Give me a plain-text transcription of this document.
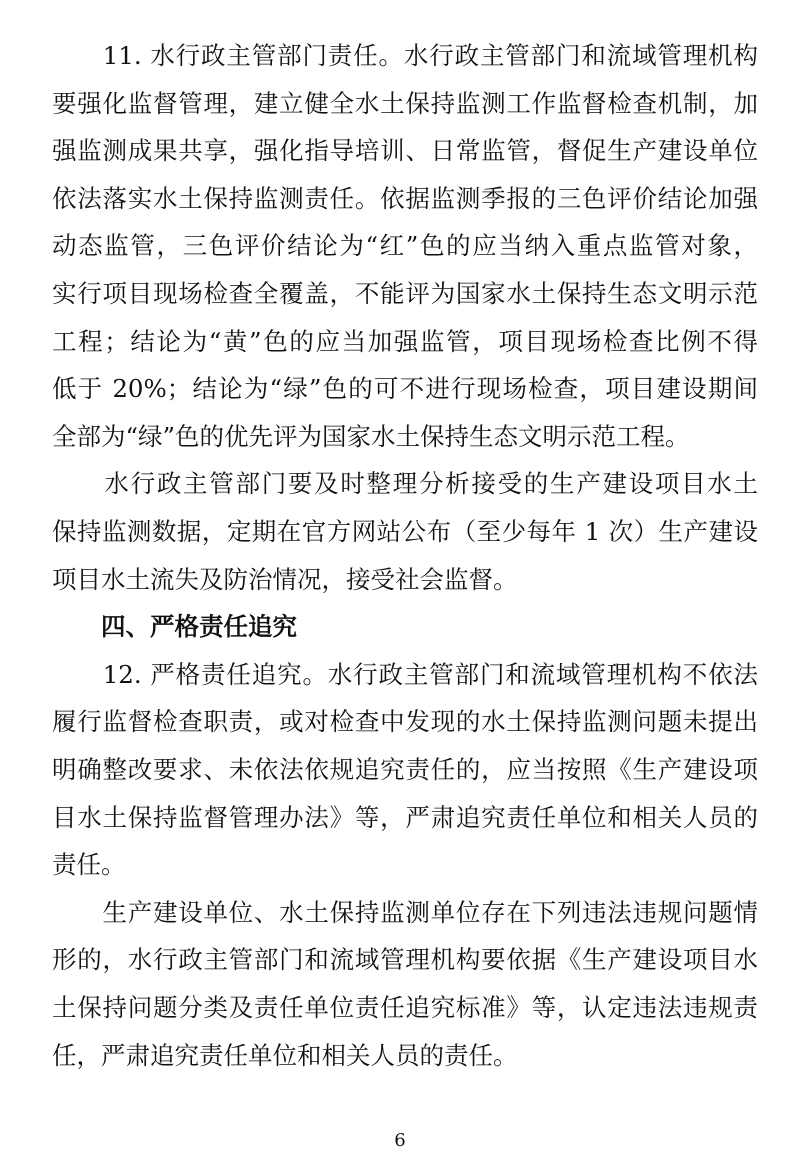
　　11. 水行政主管部门责任。水行政主管部门和流域管理机构
要强化监督管理，建立健全水土保持监测工作监督检查机制，加
强监测成果共享，强化指导培训、日常监管，督促生产建设单位
依法落实水土保持监测责任。依据监测季报的三色评价结论加强
动态监管，三色评价结论为“红”色的应当纳入重点监管对象，
实行项目现场检查全覆盖，不能评为国家水土保持生态文明示范
工程；结论为“黄”色的应当加强监管，项目现场检查比例不得
低于 20%；结论为“绿”色的可不进行现场检查，项目建设期间
全部为“绿”色的优先评为国家水土保持生态文明示范工程。
　　水行政主管部门要及时整理分析接受的生产建设项目水土
保持监测数据，定期在官方网站公布（至少每年 1 次）生产建设
项目水土流失及防治情况，接受社会监督。
　　四、严格责任追究
　　12. 严格责任追究。水行政主管部门和流域管理机构不依法
履行监督检查职责，或对检查中发现的水土保持监测问题未提出
明确整改要求、未依法依规追究责任的，应当按照《生产建设项
目水土保持监督管理办法》等，严肃追究责任单位和相关人员的
责任。
　　生产建设单位、水土保持监测单位存在下列违法违规问题情
形的，水行政主管部门和流域管理机构要依据《生产建设项目水
土保持问题分类及责任单位责任追究标准》等，认定违法违规责
任，严肃追究责任单位和相关人员的责任。
6
